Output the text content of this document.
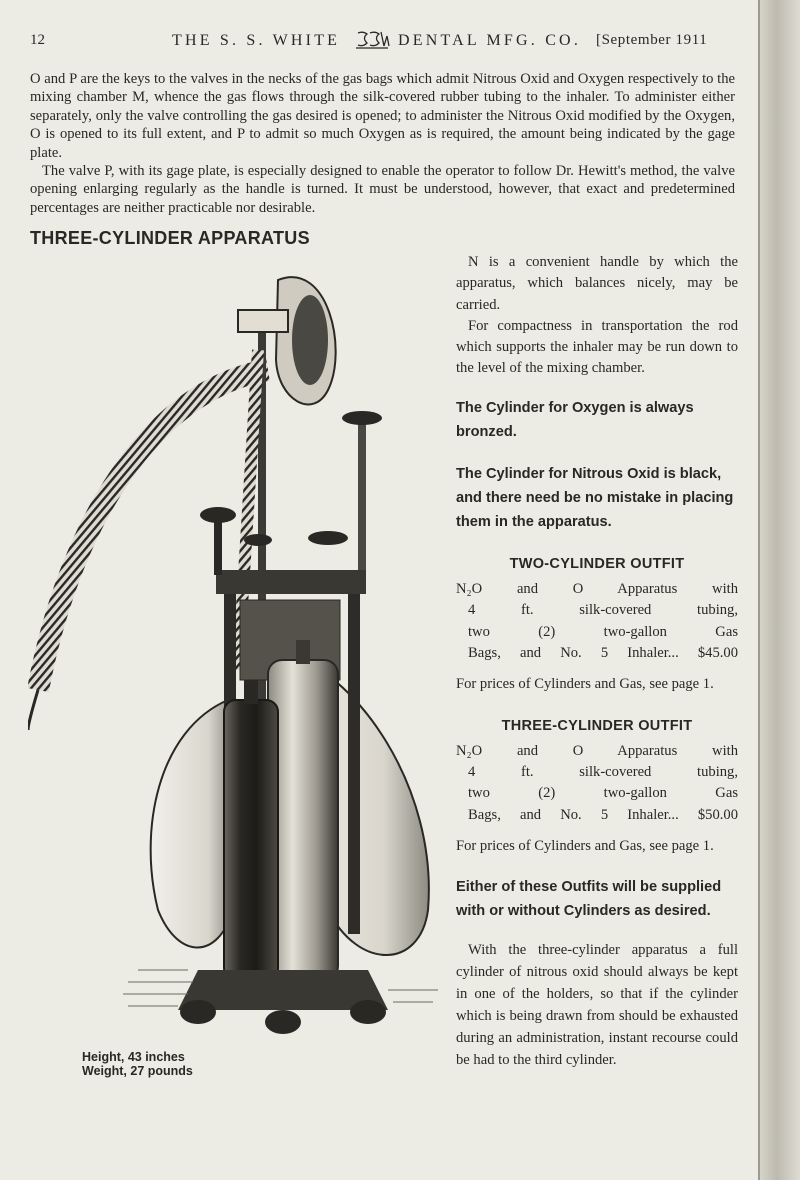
12	THE S. S. WHITE	DENTAL MFG. CO. [September 1911

O and P are the keys to the valves in the necks of the gas bags which admit Nitrous Oxid and Oxygen respectively to the mixing chamber M, whence the gas flows through the silk-covered rubber tubing to the inhaler. To administer either separately, only the valve controlling the gas desired is opened; to administer the Nitrous Oxid modified by the Oxygen, O is opened to its full extent, and P to admit so much Oxygen as is required, the amount being indicated by the gage plate.

The valve P, with its gage plate, is especially designed to enable the operator to follow Dr. Hewitt's method, the valve opening enlarging regularly as the handle is turned. It must be understood, however, that exact and predetermined percentages are neither practicable nor desirable.

THREE-CYLINDER APPARATUS
Height, 43 inches
Weight, 27 pounds

N is a convenient handle by which the apparatus, which balances nicely, may be carried.

For compactness in transportation the rod which supports the inhaler may be run down to the level of the mixing chamber.

The Cylinder for Oxygen is always bronzed.

The Cylinder for Nitrous Oxid is black, and there need be no mistake in placing them in the apparatus.

TWO-CYLINDER OUTFIT

N₂O and O Apparatus with

4 ft. silk-covered tubing,

two (2) two-gallon Gas

Bags, and No. 5 Inhaler... $45.00

For prices of Cylinders and Gas, see page 1.

THREE-CYLINDER OUTFIT

N₂O and O Apparatus with

4 ft. silk-covered tubing,

two (2) two-gallon Gas

Bags, and No. 5 Inhaler... $50.00

For prices of Cylinders and Gas, see page 1.

Either of these Outfits will be supplied with or without Cylinders as desired.

With the three-cylinder apparatus a full cylinder of nitrous oxid should always be kept in one of the holders, so that if the cylinder which is being drawn from should be exhausted during an administration, instant recourse could be had to the third cylinder.
